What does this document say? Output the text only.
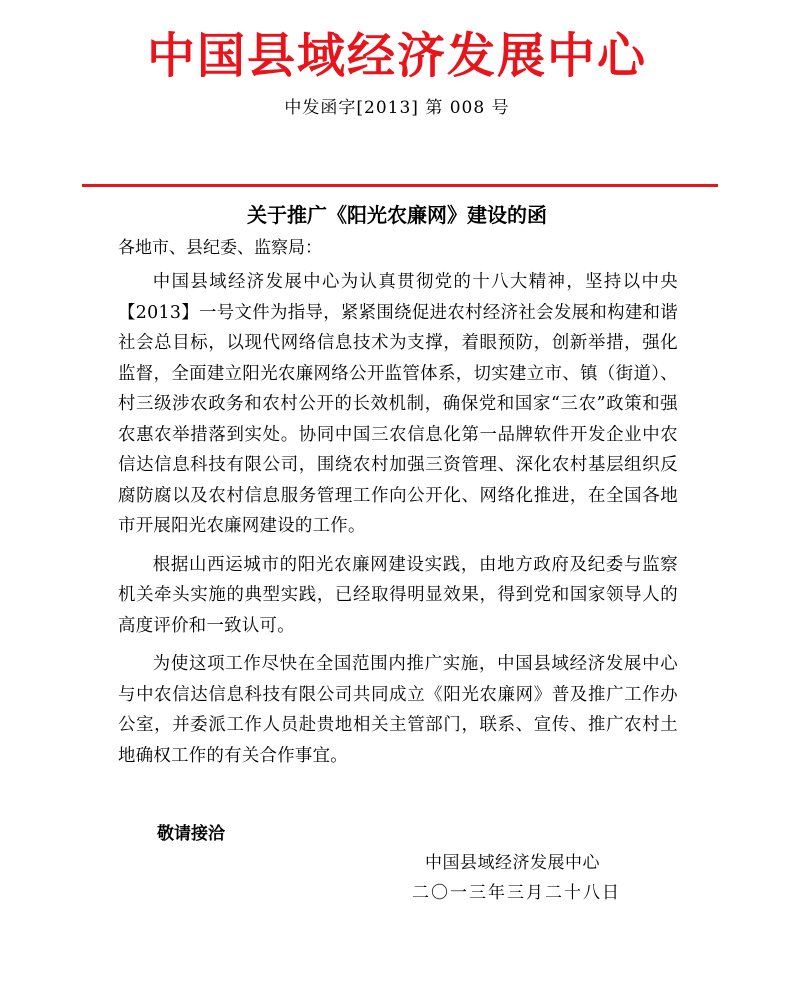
中国县域经济发展中心
中发函字[2013] 第 008 号
关于推广《阳光农廉网》建设的函
各地市、县纪委、监察局：

中国县域经济发展中心为认真贯彻党的十八大精神，坚持以中央【2013】一号文件为指导，紧紧围绕促进农村经济社会发展和构建和谐社会总目标，以现代网络信息技术为支撑，着眼预防，创新举措，强化监督，全面建立阳光农廉网络公开监管体系，切实建立市、镇（街道）、村三级涉农政务和农村公开的长效机制，确保党和国家“三农”政策和强农惠农举措落到实处。协同中国三农信息化第一品牌软件开发企业中农信达信息科技有限公司，围绕农村加强三资管理、深化农村基层组织反腐防腐以及农村信息服务管理工作向公开化、网络化推进，在全国各地市开展阳光农廉网建设的工作。

根据山西运城市的阳光农廉网建设实践，由地方政府及纪委与监察机关牵头实施的典型实践，已经取得明显效果，得到党和国家领导人的高度评价和一致认可。

为使这项工作尽快在全国范围内推广实施，中国县域经济发展中心与中农信达信息科技有限公司共同成立《阳光农廉网》普及推广工作办公室，并委派工作人员赴贵地相关主管部门，联系、宣传、推广农村土地确权工作的有关合作事宜。

敬请接洽
中国县域经济发展中心
二〇一三年三月二十八日
